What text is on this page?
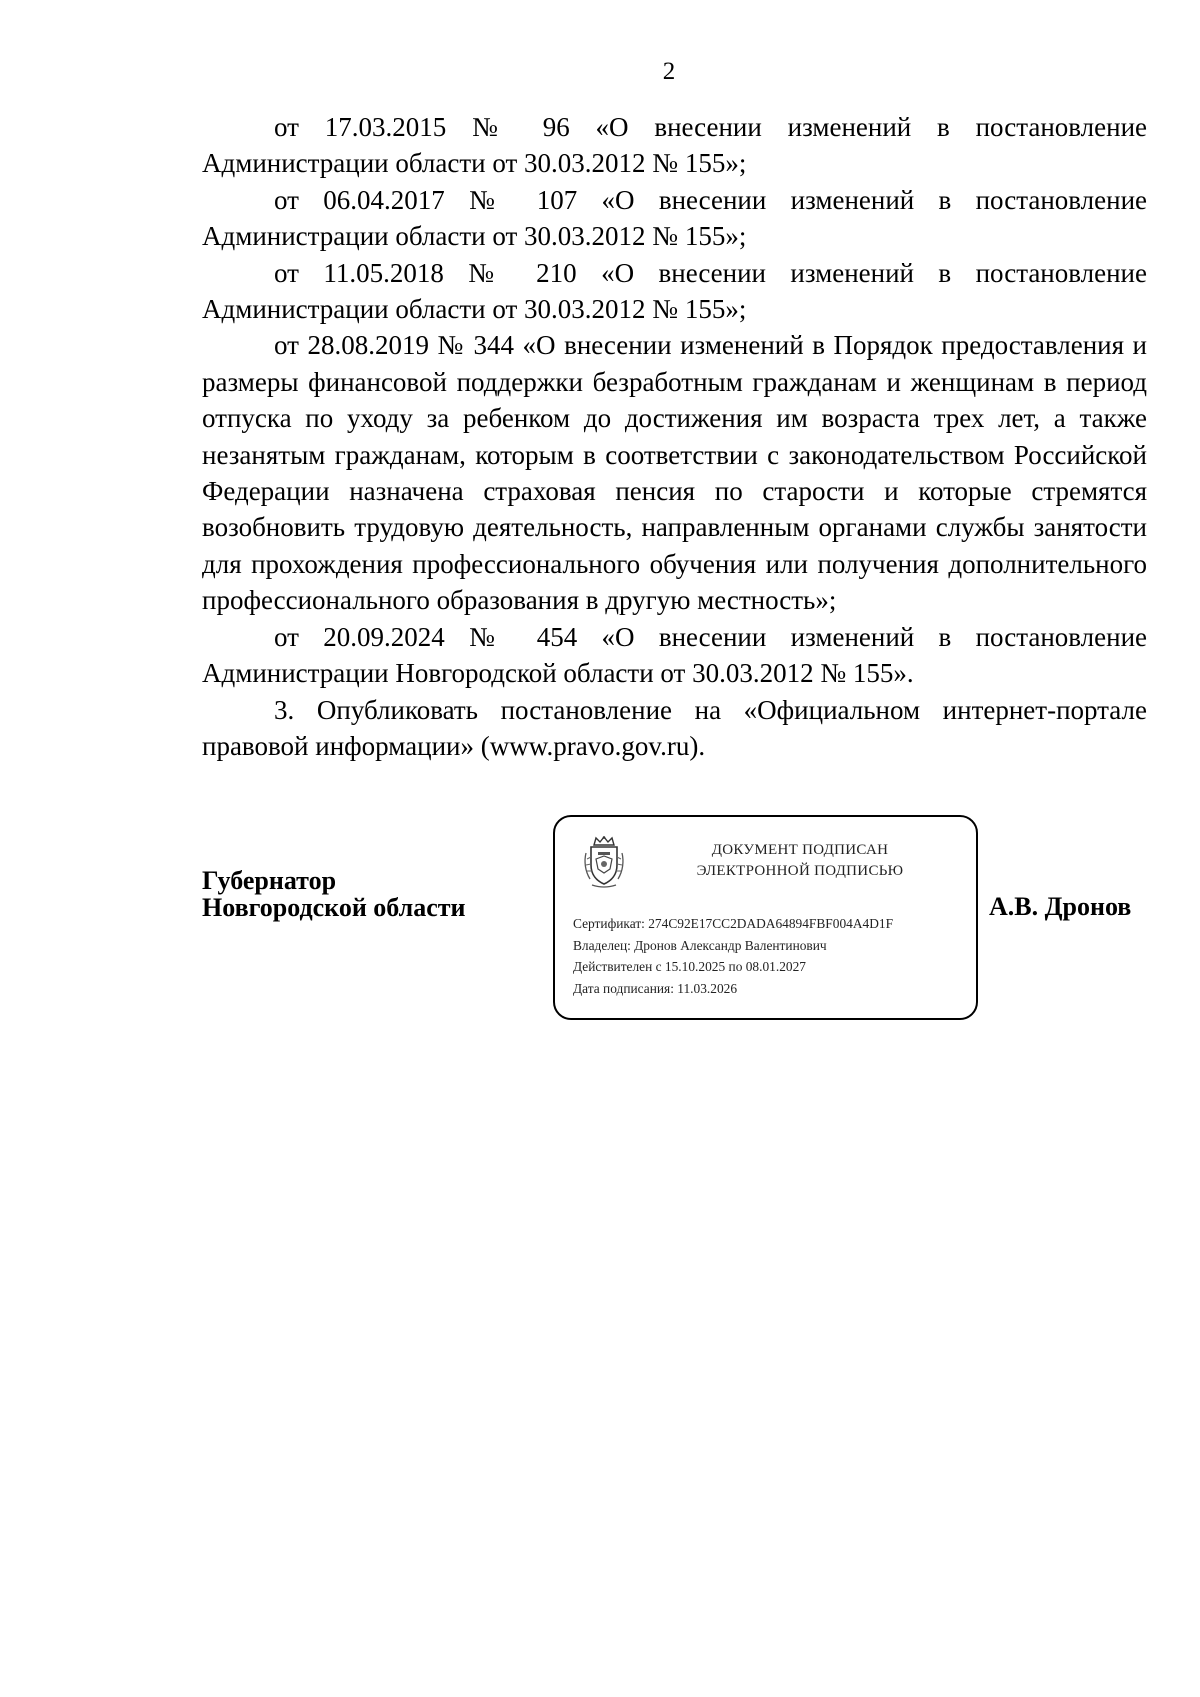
2

от 17.03.2015 № 96 «О внесении изменений в постановление Администрации области от 30.03.2012 № 155»;

от 06.04.2017 № 107 «О внесении изменений в постановление Администрации области от 30.03.2012 № 155»;

от 11.05.2018 № 210 «О внесении изменений в постановление Администрации области от 30.03.2012 № 155»;

от 28.08.2019 № 344 «О внесении изменений в Порядок предоставления и размеры финансовой поддержки безработным гражданам и женщинам в период отпуска по уходу за ребенком до достижения им возраста трех лет, а также незанятым гражданам, которым в соответствии с законодательством Российской Федерации назначена страховая пенсия по старости и которые стремятся возобновить трудовую деятельность, направленным органами службы занятости для прохождения профессионального обучения или получения дополнительного профессионального образования в другую местность»;

от 20.09.2024 № 454 «О внесении изменений в постановление Администрации Новгородской области от 30.03.2012 № 155».

3. Опубликовать постановление на «Официальном интернет-портале правовой информации» (www.pravo.gov.ru).

Губернатор
Новгородской области
ДОКУМЕНТ ПОДПИСАН
ЭЛЕКТРОННОЙ ПОДПИСЬЮ
Сертификат: 274C92E17CC2DADA64894FBF004A4D1F
Владелец: Дронов Александр Валентинович
Действителен с 15.10.2025 по 08.01.2027
Дата подписания: 11.03.2026
А.В. Дронов
